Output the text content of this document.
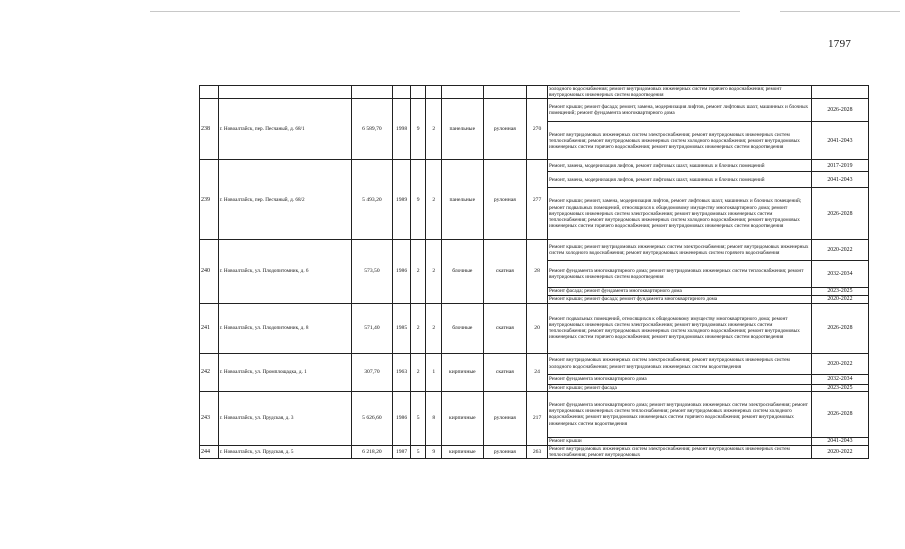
1797
									холодного водоснабжения; ремонт внутридомовых инженерных систем горячего водоснабжения; ремонт внутридомовых инженерных систем водоотведения	
238	г. Новоалтайск, пер. Песчаный, д. 68/1	6 589,70	1998	9	2	панельные	рулонная	270	Ремонт крыши; ремонт фасада; ремонт, замена, модернизация лифтов, ремонт лифтовых шахт, машинных и блочных помещений; ремонт фундамента многоквартирного дома	2026-2028
									Ремонт внутридомовых инженерных систем электроснабжения; ремонт внутридомовых инженерных систем теплоснабжения; ремонт внутридомовых инженерных систем холодного водоснабжения; ремонт внутридомовых инженерных систем горячего водоснабжения; ремонт внутридомовых инженерных систем водоотведения	2041-2043
239	г. Новоалтайск, пер. Песчаный, д. 68/2	5 493,20	1989	9	2	панельные	рулонная	277	Ремонт, замена, модернизация лифтов, ремонт лифтовых шахт, машинных и блочных помещений	2017-2019
									Ремонт, замена, модернизация лифтов, ремонт лифтовых шахт, машинных и блочных помещений	2041-2043
									Ремонт крыши; ремонт, замена, модернизация лифтов, ремонт лифтовых шахт, машинных и блочных помещений; ремонт подвальных помещений, относящихся к общедомовому имуществу многоквартирного дома; ремонт внутридомовых инженерных систем электроснабжения; ремонт внутридомовых инженерных систем теплоснабжения; ремонт внутридомовых инженерных систем холодного водоснабжения; ремонт внутридомовых инженерных систем горячего водоснабжения; ремонт внутридомовых инженерных систем водоотведения	2026-2028
240	г. Новоалтайск, ул. Плодопитомник, д. 6	573,50	1986	2	2	блочные	скатная	28	Ремонт крыши; ремонт внутридомовых инженерных систем электроснабжения; ремонт внутридомовых инженерных систем холодного водоснабжения; ремонт внутридомовых инженерных систем горячего водоснабжения	2020-2022
									Ремонт фундамента многоквартирного дома; ремонт внутридомовых инженерных систем теплоснабжения; ремонт внутридомовых инженерных систем водоотведения	2032-2034
									Ремонт фасада; ремонт фундамента многоквартирного дома	2023-2025
									Ремонт крыши; ремонт фасада; ремонт фундамента многоквартирного дома	2020-2022
241	г. Новоалтайск, ул. Плодопитомник, д. 8	571,40	1985	2	2	блочные	скатная	20	Ремонт подвальных помещений, относящихся к общедомовому имуществу многоквартирного дома; ремонт внутридомовых инженерных систем электроснабжения; ремонт внутридомовых инженерных систем теплоснабжения; ремонт внутридомовых инженерных систем холодного водоснабжения; ремонт внутридомовых инженерных систем горячего водоснабжения; ремонт внутридомовых инженерных систем водоотведения	2026-2028
242	г. Новоалтайск, ул. Промплощадка, д. 1	307,70	1963	2	1	кирпичные	скатная	24	Ремонт внутридомовых инженерных систем электроснабжения; ремонт внутридомовых инженерных систем холодного водоснабжения; ремонт внутридомовых инженерных систем водоотведения	2020-2022
									Ремонт фундамента многоквартирного дома	2032-2034
									Ремонт крыши; ремонт фасада	2023-2025
243	г. Новоалтайск, ул. Прудская, д. 3	5 626,60	1986	5	8	кирпичные	рулонная	217	Ремонт фундамента многоквартирного дома; ремонт внутридомовых инженерных систем электроснабжения; ремонт внутридомовых инженерных систем теплоснабжения; ремонт внутридомовых инженерных систем холодного водоснабжения; ремонт внутридомовых инженерных систем горячего водоснабжения; ремонт внутридомовых инженерных систем водоотведения	2026-2028
									Ремонт крыши	2041-2043
244	г. Новоалтайск, ул. Прудская, д. 5	6 218,20	1987	5	9	кирпичные	рулонная	263	Ремонт внутридомовых инженерных систем электроснабжения; ремонт внутридомовых инженерных систем теплоснабжения; ремонт внутридомовых	2020-2022
